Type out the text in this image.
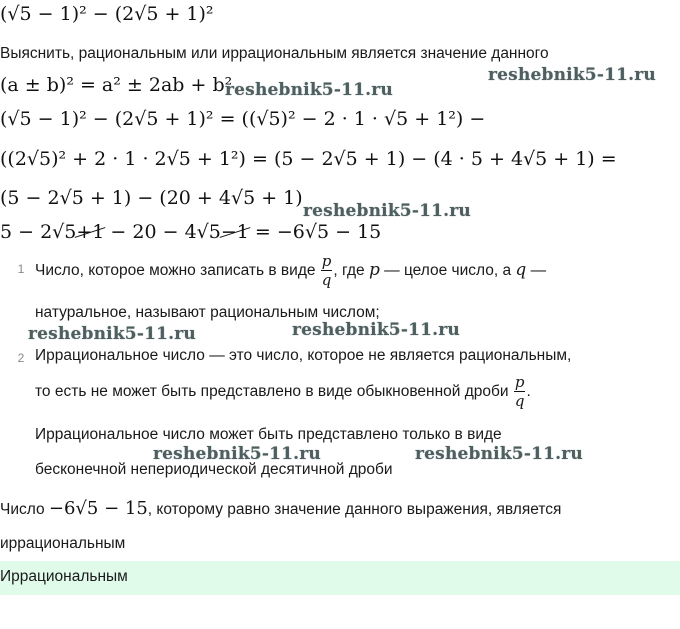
(√5 − 1)² − (2√5 + 1)²
Выяснить, рациональным или иррациональным является значение данного
(a ± b)² = a² ± 2ab + b²
(√5 − 1)² − (2√5 + 1)² = ((√5)² − 2 · 1 · √5 + 1²) −
((2√5)² + 2 · 1 · 2√5 + 1²) = (5 − 2√5 + 1) − (4 · 5 + 4√5 + 1) =
(5 − 2√5 + 1) − (20 + 4√5 + 1)
5 − 2√5+1 − 20 − 4√5−1 = −6√5 − 15
1 Число, которое можно записать в виде $\frac{p}{q}$ , где p — целое число, а q —
натуральное, называют рациональным числом;
2 Иррациональное число — это число, которое не является рациональным,
то есть не может быть представлено в виде обыкновенной дроби $\frac{p}{q}$ .
Иррациональное число может быть представлено только в виде
бесконечной непериодической десятичной дроби
Число −6√5 − 15, которому равно значение данного выражения, является
иррациональным
Иррациональным
reshebnik5-11.ru
reshebnik5-11.ru
reshebnik5-11.ru
reshebnik5-11.ru	reshebnik5-11.ru
reshebnik5-11.ru	reshebnik5-11.ru
